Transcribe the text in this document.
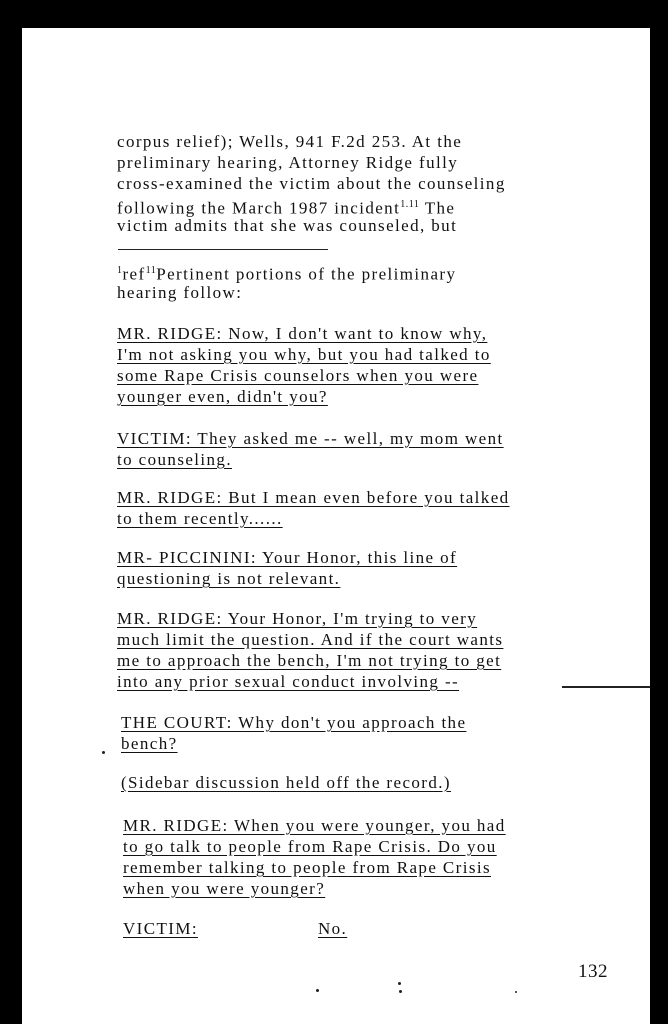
corpus relief); Wells, 941 F.2d 253. At the
preliminary hearing, Attorney Ridge fully
cross-examined the victim about the counseling
following the March 1987 incident$^{1.11}$ The
victim admits that she was counseled, but
$^1$ref$^{11}$Pertinent portions of the preliminary
hearing follow:
MR. RIDGE: Now, I don't want to know why,
I'm not asking you why, but you had talked to
some Rape Crisis counselors when you were
younger even, didn't you?
VICTIM: They asked me -- well, my mom went
to counseling.
MR. RIDGE: But I mean even before you talked
to them recently......
MR- PICCININI: Your Honor, this line of
questioning is not relevant.
MR. RIDGE: Your Honor, I'm trying to very
much limit the question. And if the court wants
me to approach the bench, I'm not trying to get
into any prior sexual conduct involving --
THE COURT: Why don't you approach the
bench?
(Sidebar discussion held off the record.)
MR. RIDGE: When you were younger, you had
to go talk to people from Rape Crisis. Do you
remember talking to people from Rape Crisis
when you were younger?
VICTIM:	No.
132
